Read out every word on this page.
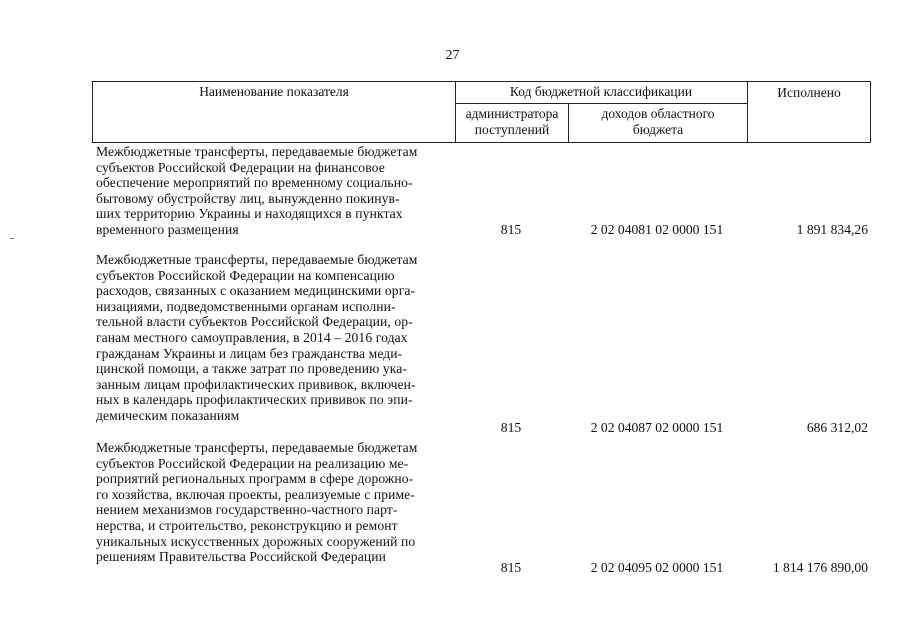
27
Наименование показателя	Код бюджетной классификации
администратора поступлений
доходов областного бюджета
Исполнено
Межбюджетные трансферты, передаваемые бюджетам
субъектов Российской Федерации на финансовое
обеспечение мероприятий по временному социально-
бытовому обустройству лиц, вынужденно покинув-
ших территорию Украины и находящихся в пунктах
временного размещения	815	2 02 04081 02 0000 151	1 891 834,26
Межбюджетные трансферты, передаваемые бюджетам
субъектов Российской Федерации на компенсацию
расходов, связанных с оказанием медицинскими орга-
низациями, подведомственными органам исполни-
тельной власти субъектов Российской Федерации, ор-
ганам местного самоуправления, в 2014 – 2016 годах
гражданам Украины и лицам без гражданства меди-
цинской помощи, а также затрат по проведению ука-
занным лицам профилактических прививок, включен-
ных в календарь профилактических прививок по эпи-
демическим показаниям
815	2 02 04087 02 0000 151	686 312,02
Межбюджетные трансферты, передаваемые бюджетам
субъектов Российской Федерации на реализацию ме-
роприятий региональных программ в сфере дорожно-
го хозяйства, включая проекты, реализуемые с приме-
нением механизмов государственно-частного парт-
нерства, и строительство, реконструкцию и ремонт
уникальных искусственных дорожных сооружений по
решениям Правительства Российской Федерации
815	2 02 04095 02 0000 151	1 814 176 890,00
